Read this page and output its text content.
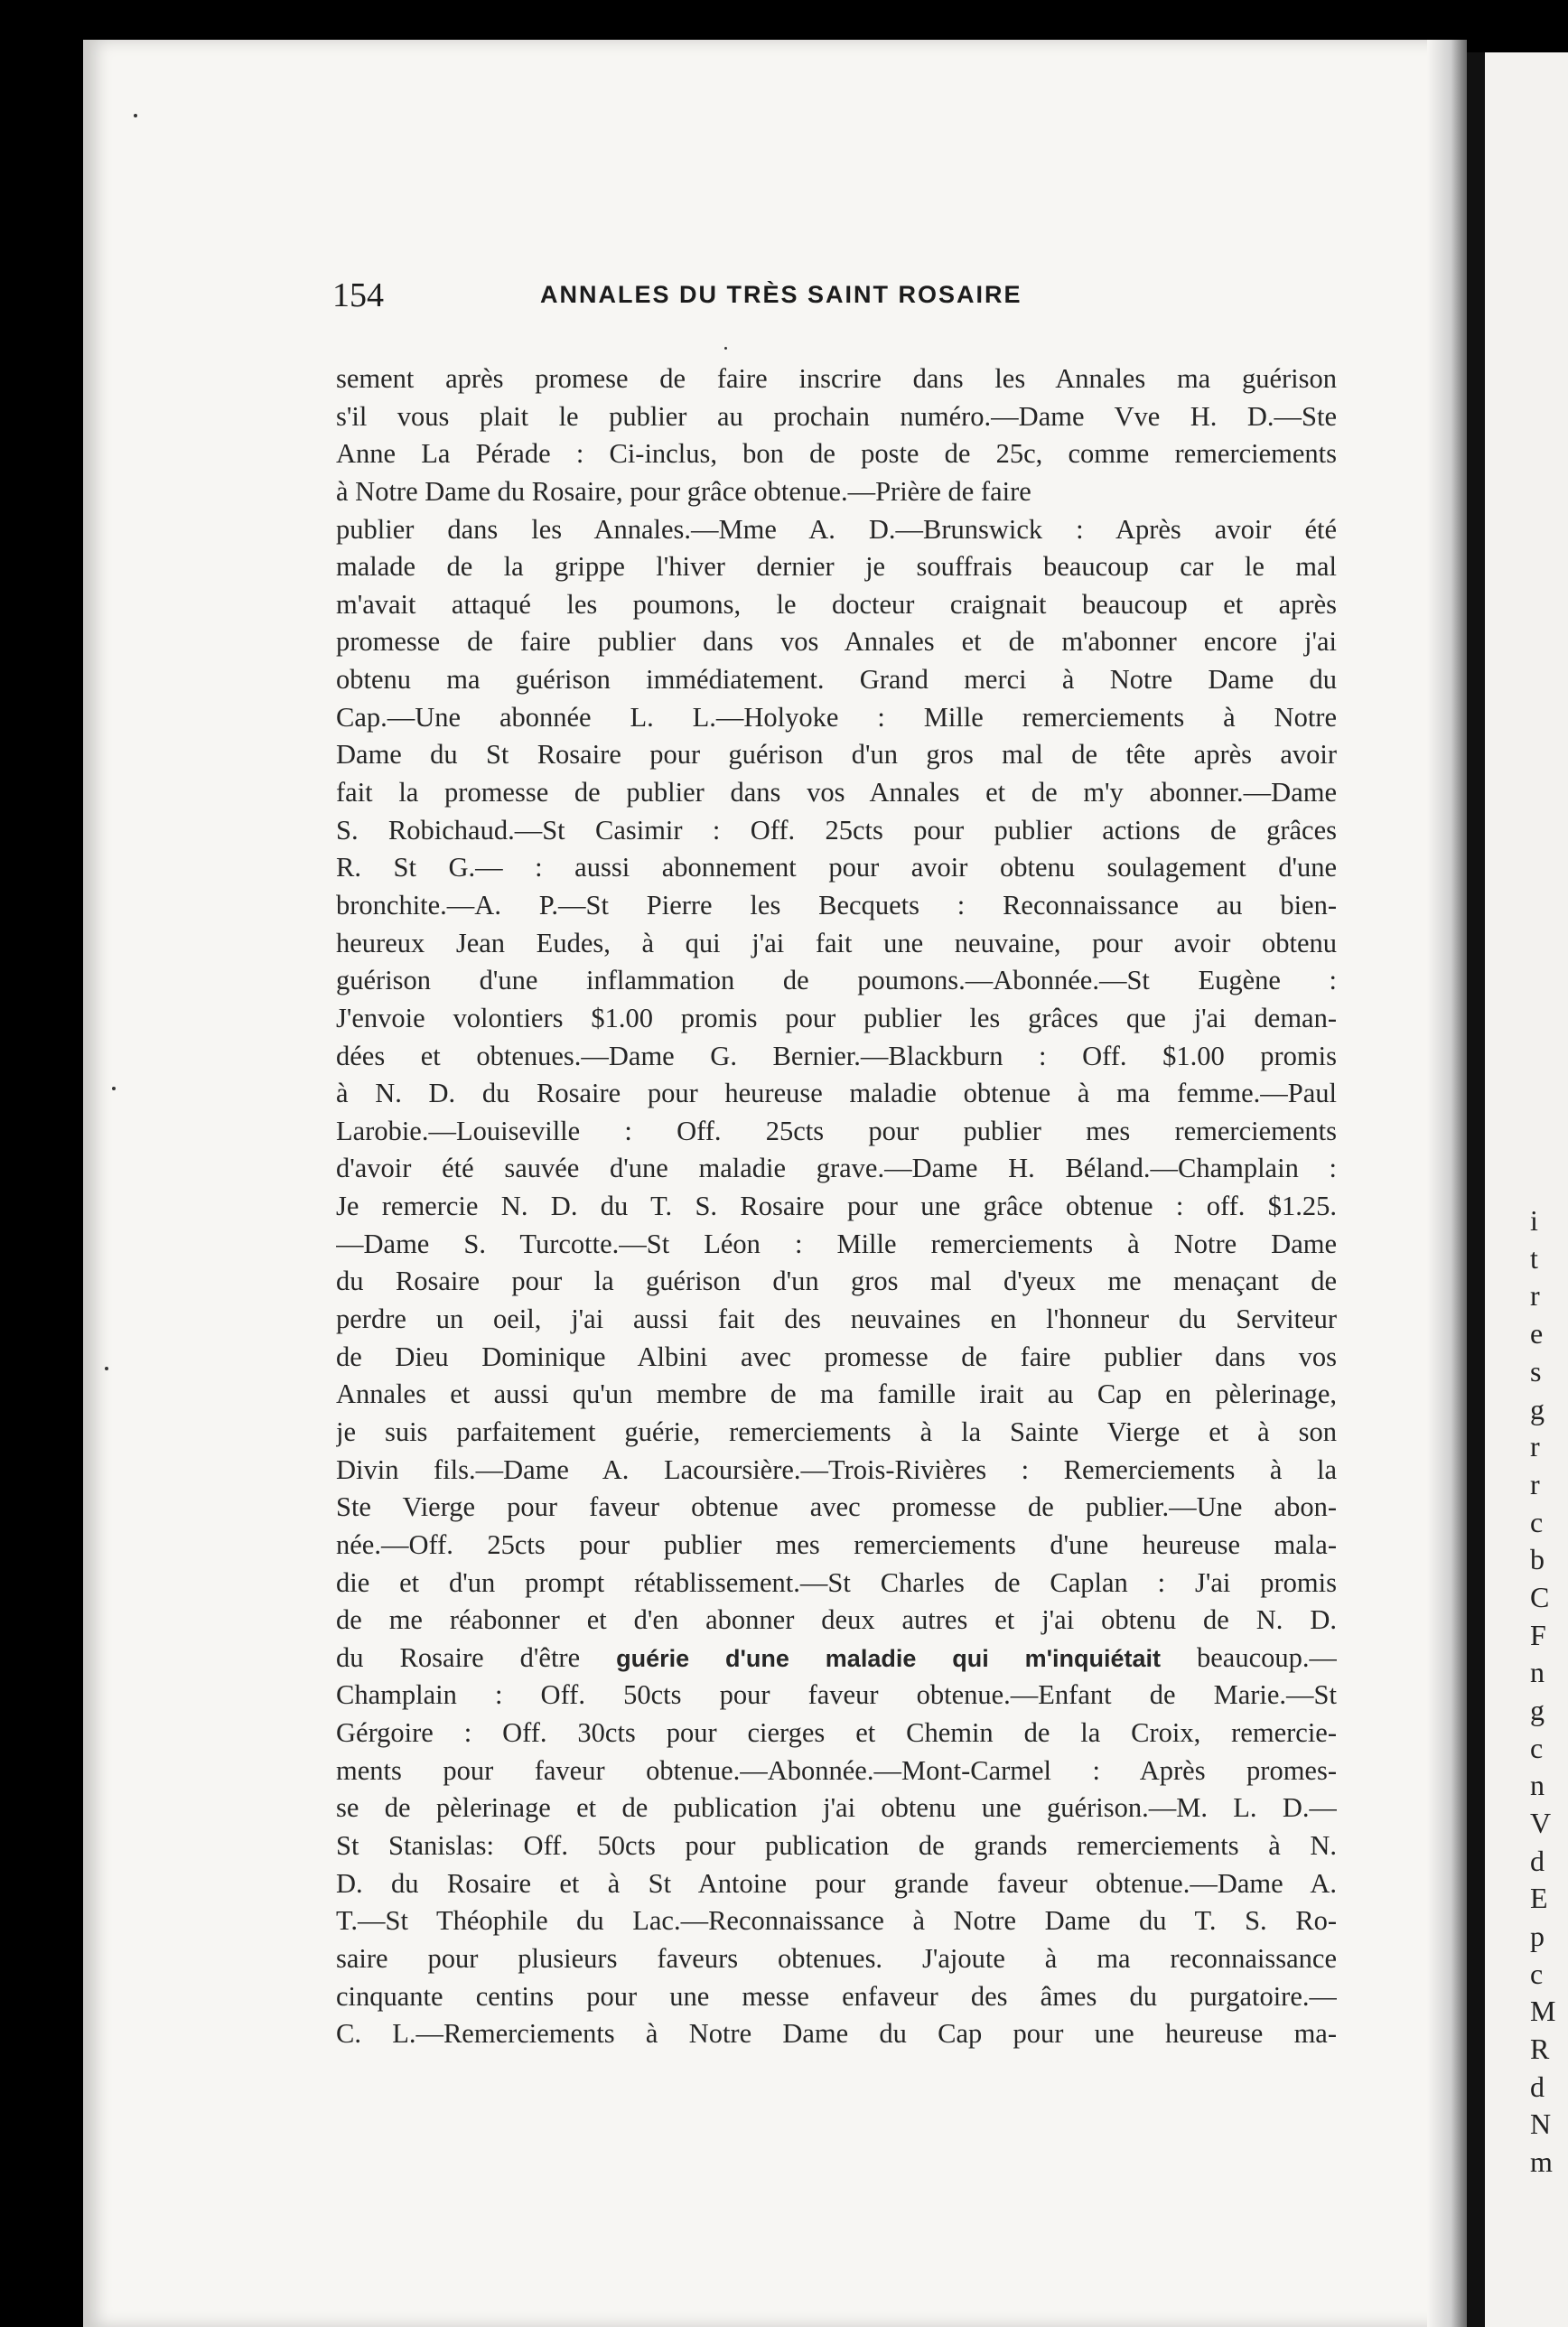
i
t
r
e
s
g
r
r
c
b
C
F
n
g
c
n
V
d
E
p
c
M
R
d
N
m
154	ANNALES DU TRÈS SAINT ROSAIRE
sement après promese de faire inscrire dans les Annales ma guérison
s'il vous plait le publier au prochain numéro.—Dame Vve H. D.—Ste
Anne La Pérade : Ci-inclus, bon de poste de 25c, comme remerciements
à Notre Dame du Rosaire, pour grâce obtenue.—Prière de faire
publier dans les Annales.—Mme A. D.—Brunswick : Après avoir été
malade de la grippe l'hiver dernier je souffrais beaucoup car le mal
m'avait attaqué les poumons, le docteur craignait beaucoup et après
promesse de faire publier dans vos Annales et de m'abonner encore j'ai
obtenu ma guérison immédiatement. Grand merci à Notre Dame du
Cap.—Une abonnée L. L.—Holyoke : Mille remerciements à Notre
Dame du St Rosaire pour guérison d'un gros mal de tête après avoir
fait la promesse de publier dans vos Annales et de m'y abonner.—Dame
S. Robichaud.—St Casimir : Off. 25cts pour publier actions de grâces
R. St G.— : aussi abonnement pour avoir obtenu soulagement d'une
bronchite.—A. P.—St Pierre les Becquets : Reconnaissance au bien-
heureux Jean Eudes, à qui j'ai fait une neuvaine, pour avoir obtenu
guérison d'une inflammation de poumons.—Abonnée.—St Eugène :
J'envoie volontiers $1.00 promis pour publier les grâces que j'ai deman-
dées et obtenues.—Dame G. Bernier.—Blackburn : Off. $1.00 promis
à N. D. du Rosaire pour heureuse maladie obtenue à ma femme.—Paul
Larobie.—Louiseville : Off. 25cts pour publier mes remerciements
d'avoir été sauvée d'une maladie grave.—Dame H. Béland.—Champlain :
Je remercie N. D. du T. S. Rosaire pour une grâce obtenue : off. $1.25.
—Dame S. Turcotte.—St Léon : Mille remerciements à Notre Dame
du Rosaire pour la guérison d'un gros mal d'yeux me menaçant de
perdre un oeil, j'ai aussi fait des neuvaines en l'honneur du Serviteur
de Dieu Dominique Albini avec promesse de faire publier dans vos
Annales et aussi qu'un membre de ma famille irait au Cap en pèlerinage,
je suis parfaitement guérie, remerciements à la Sainte Vierge et à son
Divin fils.—Dame A. Lacoursière.—Trois-Rivières : Remerciements à la
Ste Vierge pour faveur obtenue avec promesse de publier.—Une abon-
née.—Off. 25cts pour publier mes remerciements d'une heureuse mala-
die et d'un prompt rétablissement.—St Charles de Caplan : J'ai promis
de me réabonner et d'en abonner deux autres et j'ai obtenu de N. D.
du Rosaire d'être guérie d'une maladie qui m'inquiétait beaucoup.—
Champlain : Off. 50cts pour faveur obtenue.—Enfant de Marie.—St
Gérgoire : Off. 30cts pour cierges et Chemin de la Croix, remercie-
ments pour faveur obtenue.—Abonnée.—Mont-Carmel : Après promes-
se de pèlerinage et de publication j'ai obtenu une guérison.—M. L. D.—
St Stanislas: Off. 50cts pour publication de grands remerciements à N.
D. du Rosaire et à St Antoine pour grande faveur obtenue.—Dame A.
T.—St Théophile du Lac.—Reconnaissance à Notre Dame du T. S. Ro-
saire pour plusieurs faveurs obtenues. J'ajoute à ma reconnaissance
cinquante centins pour une messe enfaveur des âmes du purgatoire.—
C. L.—Remerciements à Notre Dame du Cap pour une heureuse ma-
